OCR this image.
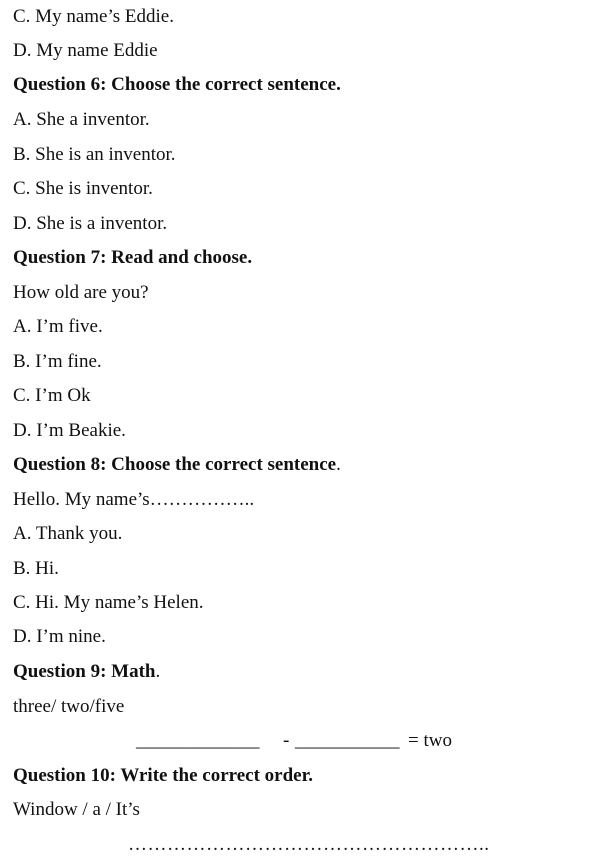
C. My name’s Eddie.
D. My name Eddie
Question 6: Choose the correct sentence.
A. She a inventor.
B. She is an inventor.
C. She is inventor.
D. She is a inventor.
Question 7: Read and choose.
How old are you?
A. I’m five.
B. I’m fine.
C. I’m Ok
D. I’m Beakie.
Question 8: Choose the correct sentence.
Hello. My name’s……………..
A. Thank you.
B. Hi.
C. Hi. My name’s Helen.
D. I’m nine.
Question 9: Math.
three/ two/five
_____________ - ___________ = two
Question 10: Write the correct order.
Window / a / It’s
………………………………………………..
